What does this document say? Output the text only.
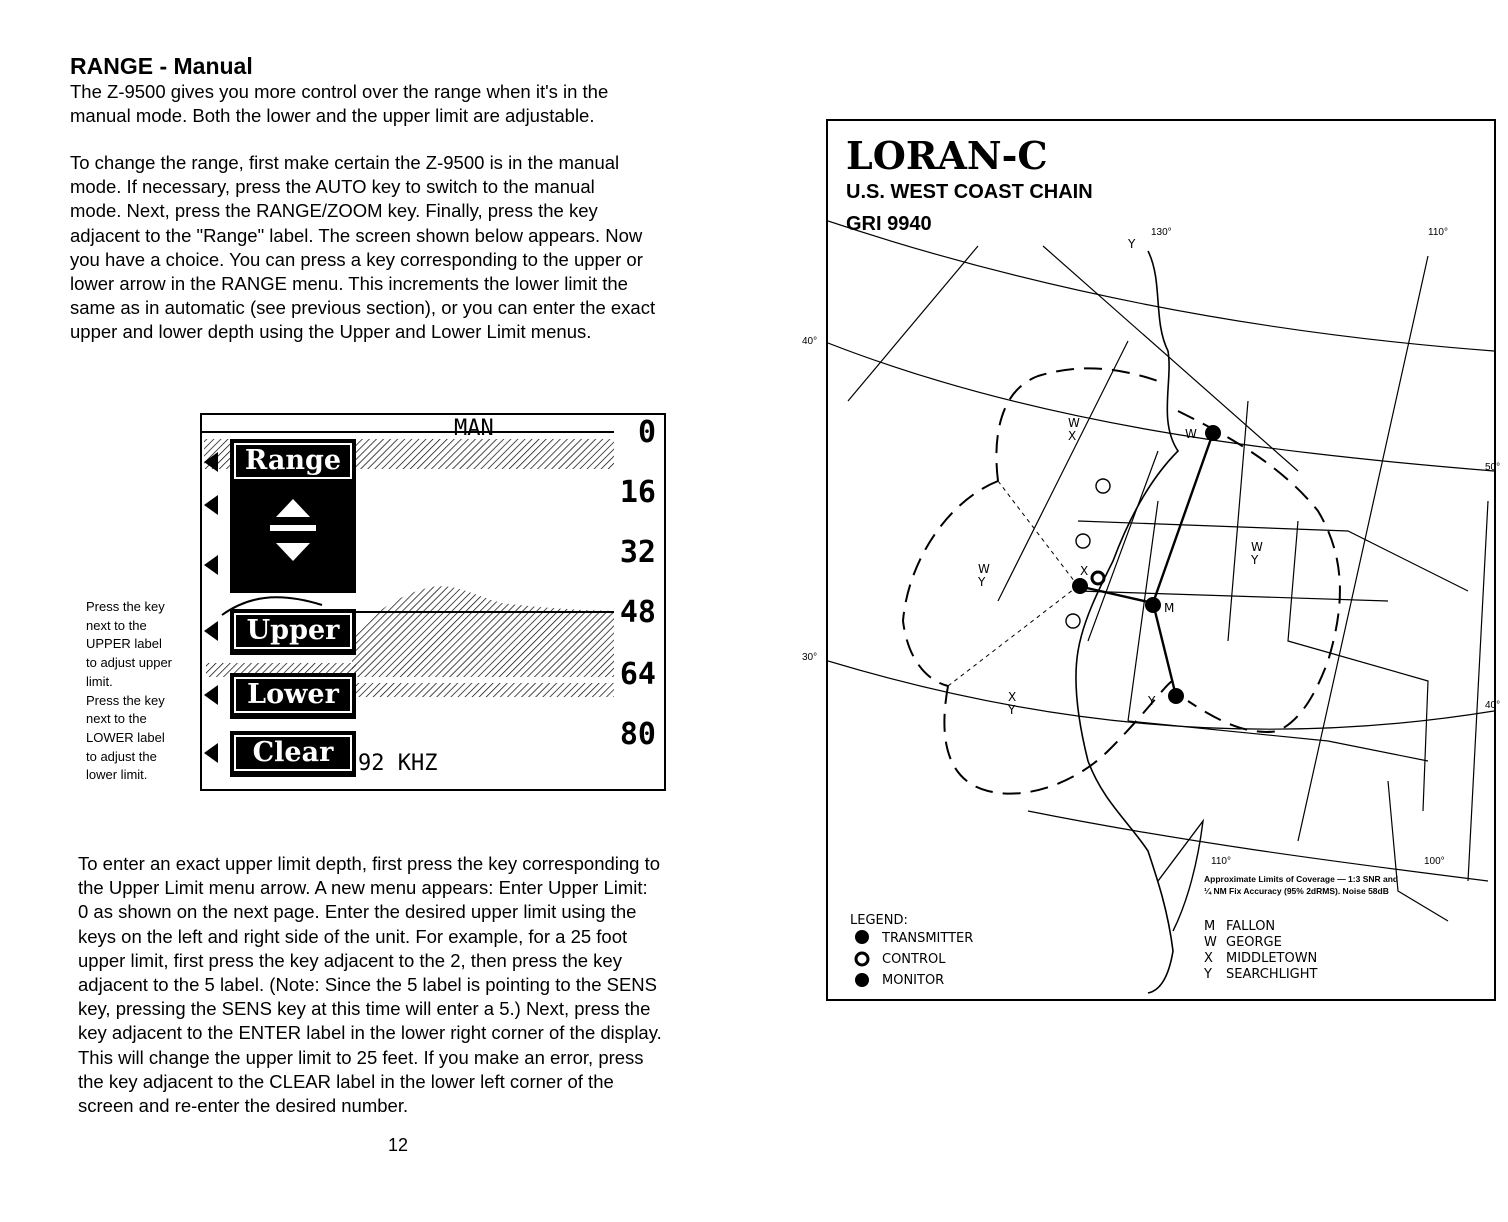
RANGE - Manual
The Z-9500 gives you more control over the range when it's in the
manual mode. Both the lower and the upper limit are adjustable.
To change the range, first make certain the Z-9500 is in the manual
mode. If necessary, press the AUTO key to switch to the manual
mode. Next, press the RANGE/ZOOM key. Finally, press the key
adjacent to the "Range" label. The screen shown below appears. Now
you have a choice. You can press a key corresponding to the upper or
lower arrow in the RANGE menu. This increments the lower limit the
same as in automatic (see previous section), or you can enter the exact
upper and lower depth using the Upper and Lower Limit menus.
Press the key
next to the
UPPER label
to adjust upper
limit.
Press the key
next to the
LOWER label
to adjust the
lower limit.
MAN	0
16
32
48
64
80
Range
Upper
Lower
Clear	92 KHZ
To enter an exact upper limit depth, first press the key corresponding to
the Upper Limit menu arrow. A new menu appears: Enter Upper Limit:
0 as shown on the next page. Enter the desired upper limit using the
keys on the left and right side of the unit. For example, for a 25 foot
upper limit, first press the key adjacent to the 2, then press the key
adjacent to the 5 label. (Note: Since the 5 label is pointing to the SENS
key, pressing the SENS key at this time will enter a 5.) Next, press the
key adjacent to the ENTER label in the lower right corner of the display.
This will change the upper limit to 25 feet. If you make an error, press
the key adjacent to the CLEAR label in the lower left corner of the
screen and re-enter the desired number.
12
LORAN-C
U.S. WEST COAST CHAIN
GRI 9940	130°	110°
110°	100°
W
M
Y
X
Y
W
X
W
Y
W
Y
X
Y
Approximate Limits of Coverage — 1:3 SNR and
¼ NM Fix Accuracy (95% 2dRMS). Noise 58dB
LEGEND:
TRANSMITTER
CONTROL
MONITOR
M FALLON
W GEORGE
X MIDDLETOWN
Y SEARCHLIGHT
40°
30°
50°
40°
